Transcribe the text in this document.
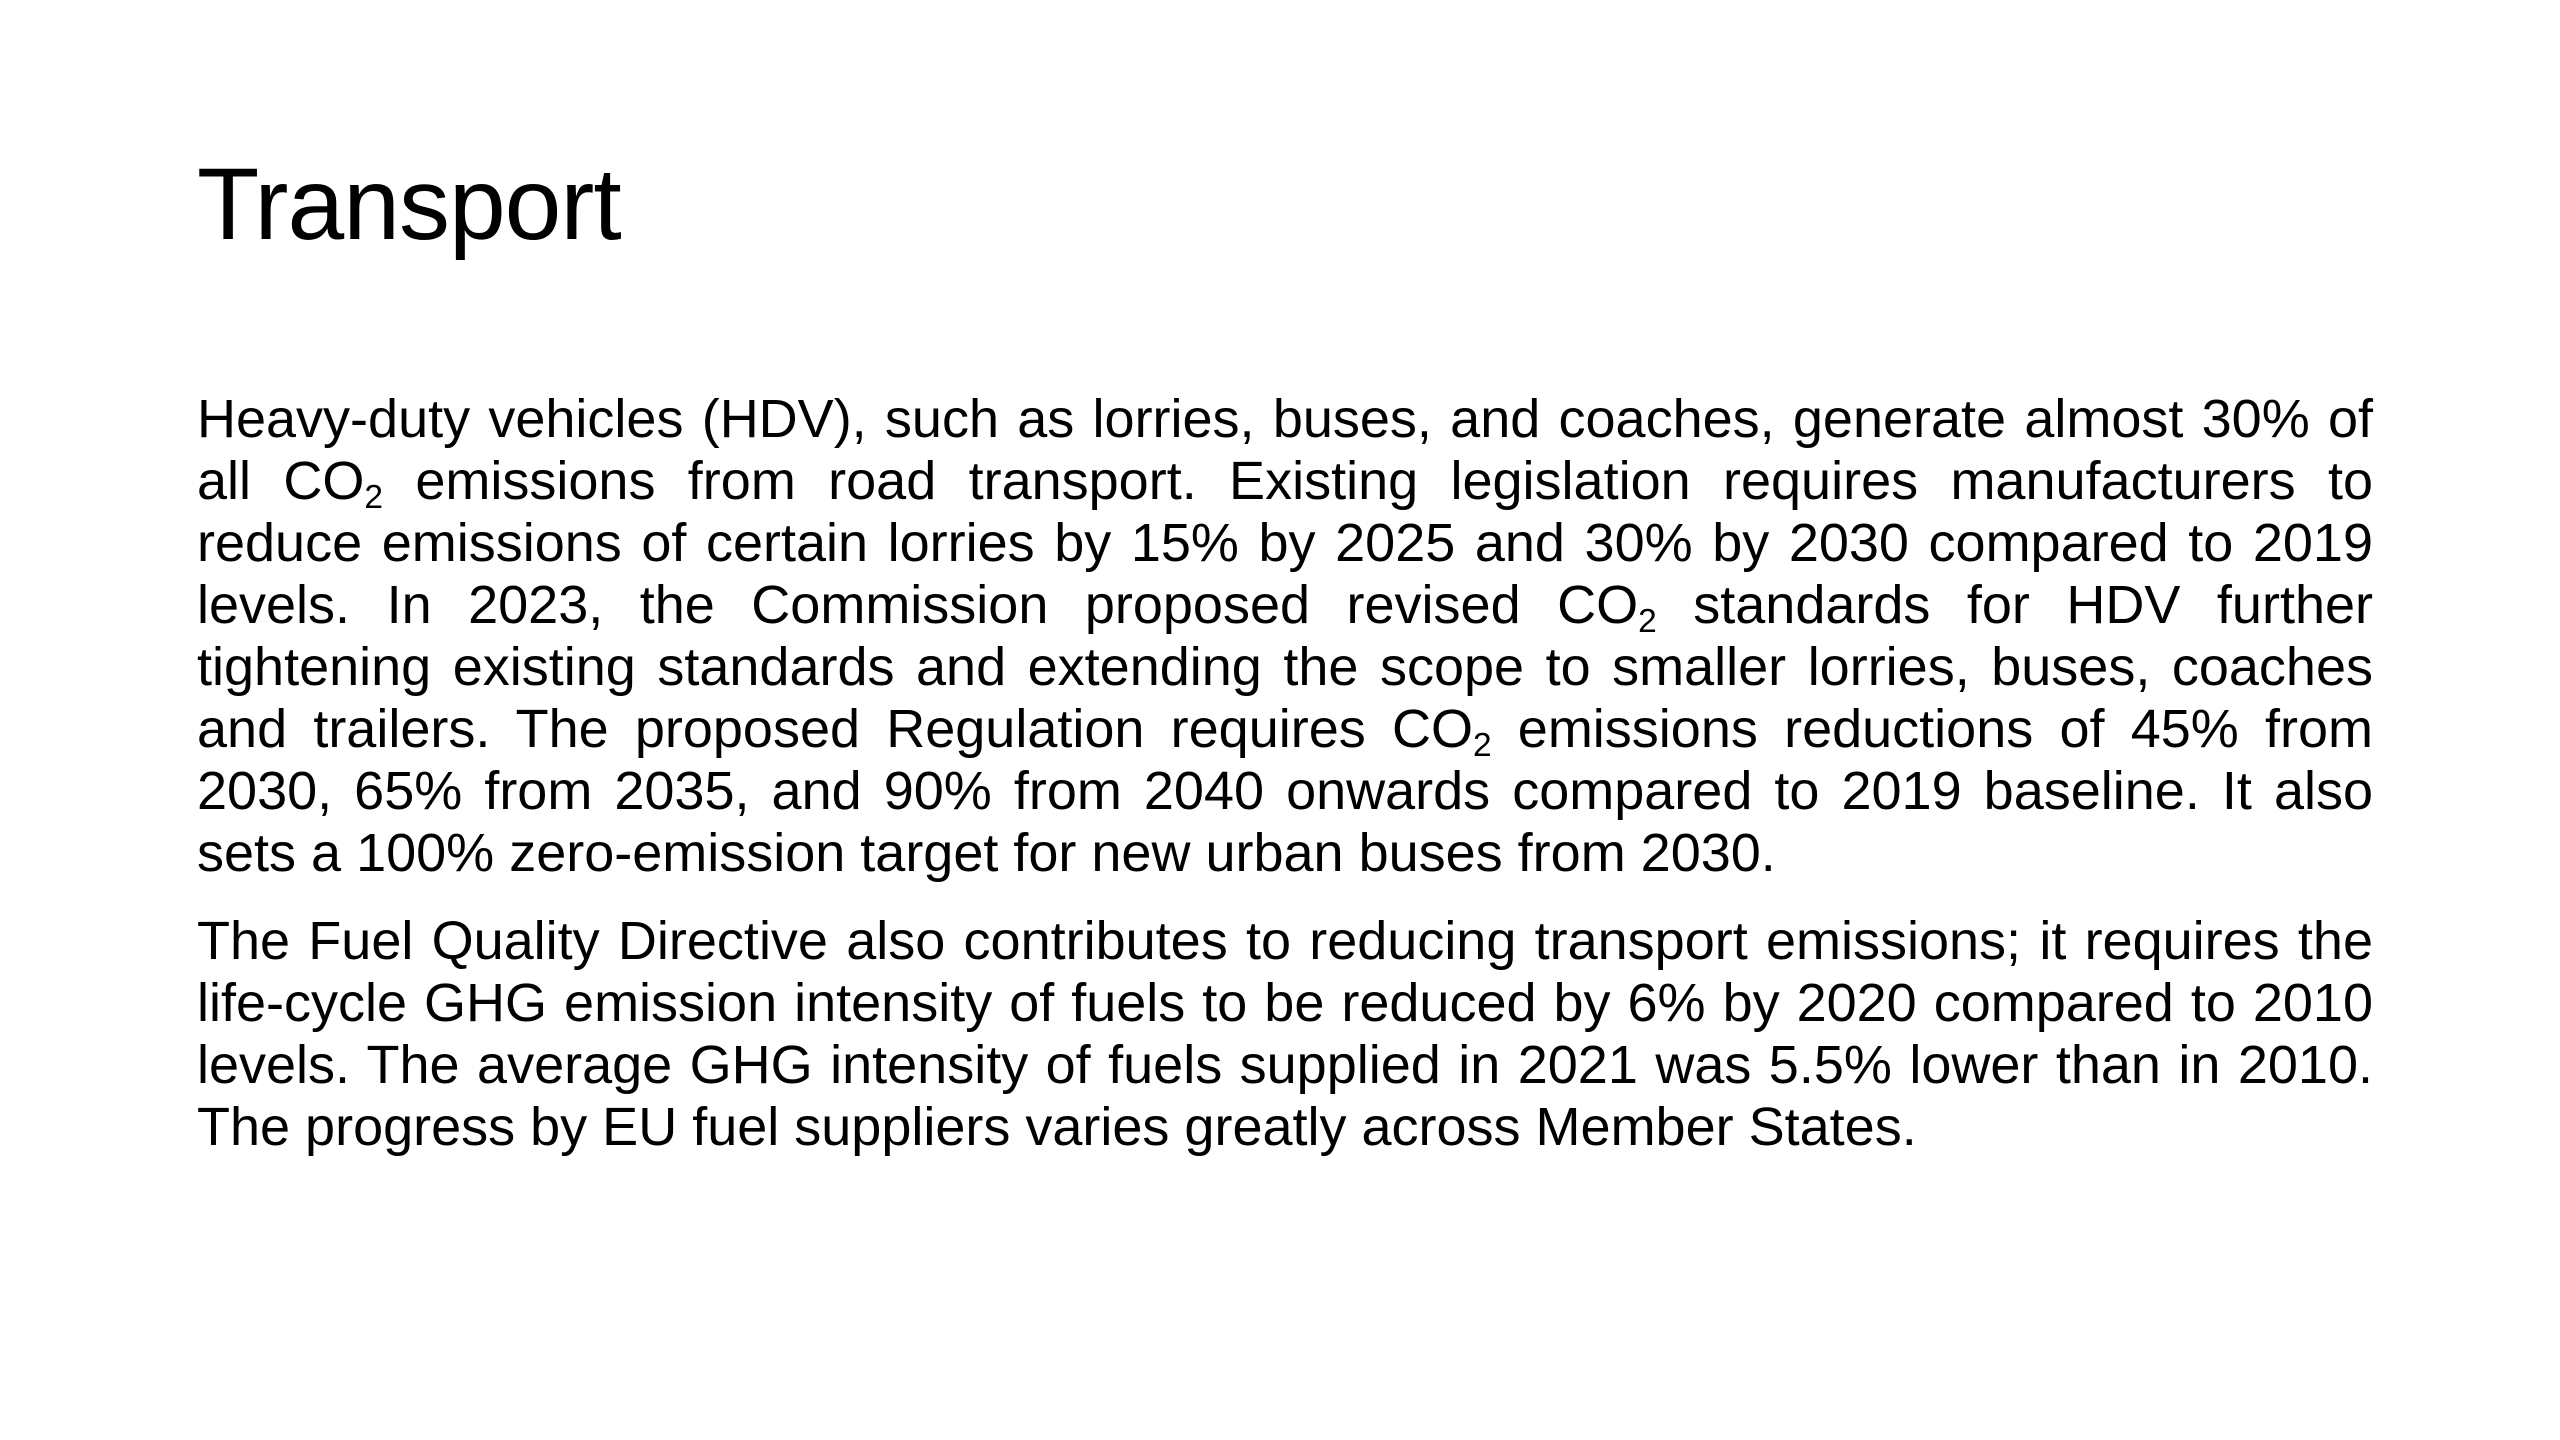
Transport

Heavy-duty vehicles (HDV), such as lorries, buses, and coaches, generate almost 30% of all $CO_2$ emissions from road transport. Existing legislation requires manufacturers to reduce emissions of certain lorries by 15% by 2025 and 30% by 2030 compared to 2019 levels. In 2023, the Commission proposed revised $CO_2$ standards for HDV further tightening existing standards and extending the scope to smaller lorries, buses, coaches and trailers. The proposed Regulation requires $CO_2$ emissions reductions of 45% from 2030, 65% from 2035, and 90% from 2040 onwards compared to 2019 baseline. It also sets a 100% zero-emission target for new urban buses from 2030.

The Fuel Quality Directive also contributes to reducing transport emissions; it requires the life-cycle GHG emission intensity of fuels to be reduced by 6% by 2020 compared to 2010 levels. The average GHG intensity of fuels supplied in 2021 was 5.5% lower than in 2010. The progress by EU fuel suppliers varies greatly across Member States.
